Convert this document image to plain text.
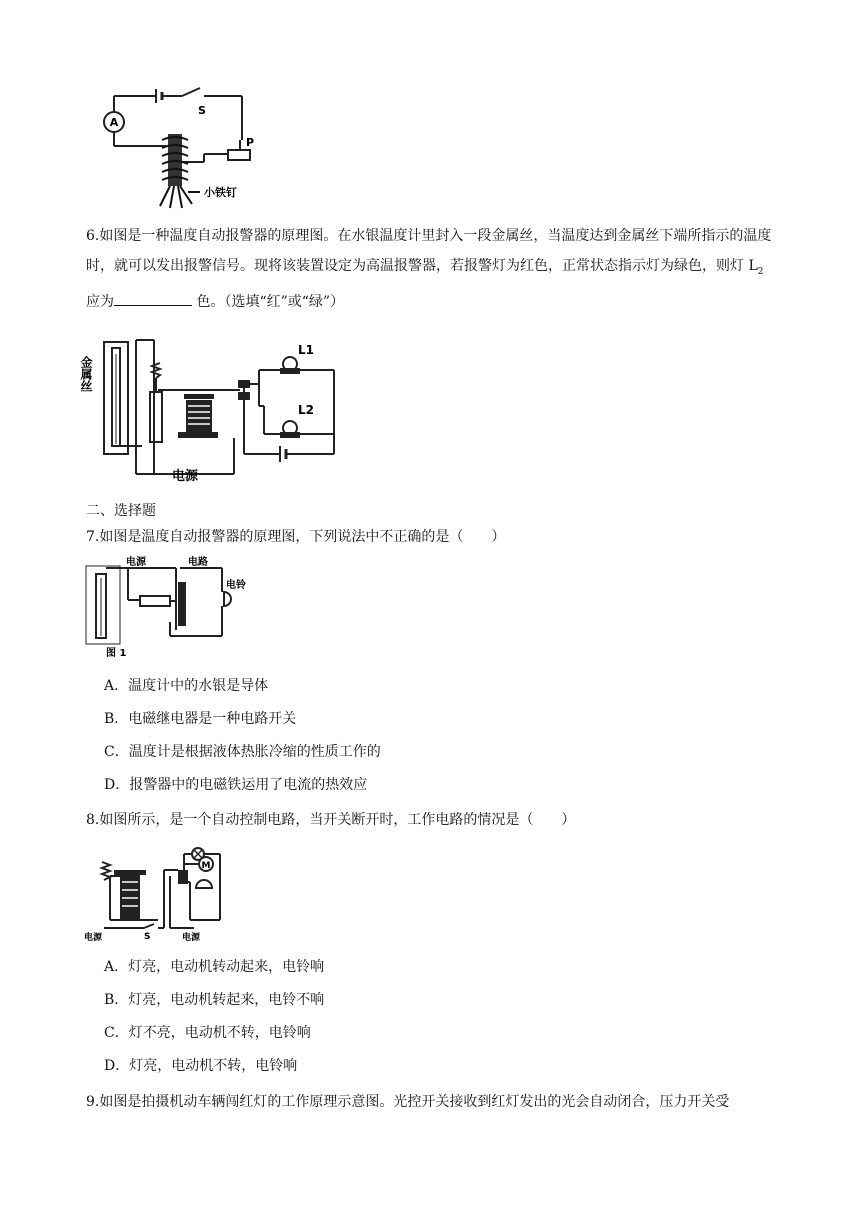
A
S
P
小铁钉
6.如图是一种温度自动报警器的原理图。在水银温度计里封入一段金属丝，当温度达到金属丝下端所指示的温度时，就可以发出报警信号。现将该装置设定为高温报警器，若报警灯为红色，正常状态指示灯为绿色，则灯 $L_2$应为	色。（选填“红”或“绿”）
金属丝
电源
L1
L2
二、选择题
7.如图是温度自动报警器的原理图，下列说法中不正确的是（　　）
电源	电路
电铃
图 1
A．温度计中的水银是导体
B．电磁继电器是一种电路开关
C．温度计是根据液体热胀冷缩的性质工作的
D．报警器中的电磁铁运用了电流的热效应
8.如图所示，是一个自动控制电路，当开关断开时，工作电路的情况是（　　）
M
电源	S	电源
A．灯亮，电动机转动起来，电铃响
B．灯亮，电动机转起来，电铃不响
C．灯不亮，电动机不转，电铃响
D．灯亮，电动机不转，电铃响
9.如图是拍摄机动车辆闯红灯的工作原理示意图。光控开关接收到红灯发出的光会自动闭合，压力开关受
